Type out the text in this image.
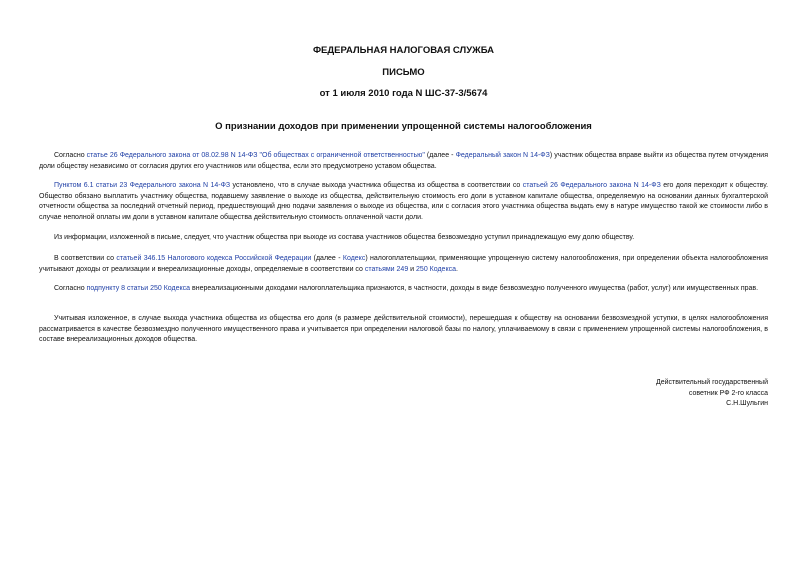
ФЕДЕРАЛЬНАЯ НАЛОГОВАЯ СЛУЖБА
ПИСЬМО
от 1 июля 2010 года N ШС-37-3/5674
О признании доходов при применении упрощенной системы налогообложения

Согласно статье 26 Федерального закона от 08.02.98 N 14-ФЗ "Об обществах с ограниченной ответственностью" (далее - Федеральный закон N 14-ФЗ) участник общества вправе выйти из общества путем отчуждения доли обществу независимо от согласия других его участников или общества, если это предусмотрено уставом общества.

Пунктом 6.1 статьи 23 Федерального закона N 14-ФЗ установлено, что в случае выхода участника общества из общества в соответствии со статьей 26 Федерального закона N 14-ФЗ его доля переходит к обществу. Общество обязано выплатить участнику общества, подавшему заявление о выходе из общества, действительную стоимость его доли в уставном капитале общества, определяемую на основании данных бухгалтерской отчетности общества за последний отчетный период, предшествующий дню подачи заявления о выходе из общества, или с согласия этого участника общества выдать ему в натуре имущество такой же стоимости либо в случае неполной оплаты им доли в уставном капитале общества действительную стоимость оплаченной части доли.

Из информации, изложенной в письме, следует, что участник общества при выходе из состава участников общества безвозмездно уступил принадлежащую ему долю обществу.

В соответствии со статьей 346.15 Налогового кодекса Российской Федерации (далее - Кодекс) налогоплательщики, применяющие упрощенную систему налогообложения, при определении объекта налогообложения учитывают доходы от реализации и внереализационные доходы, определяемые в соответствии со статьями 249 и 250 Кодекса.

Согласно подпункту 8 статьи 250 Кодекса внереализационными доходами налогоплательщика признаются, в частности, доходы в виде безвозмездно полученного имущества (работ, услуг) или имущественных прав.

Учитывая изложенное, в случае выхода участника общества из общества его доля (в размере действительной стоимости), перешедшая к обществу на основании безвозмездной уступки, в целях налогообложения рассматривается в качестве безвозмездно полученного имущественного права и учитывается при определении налоговой базы по налогу, уплачиваемому в связи с применением упрощенной системы налогообложения, в составе внереализационных доходов общества.

Действительный государственный
советник РФ 2-го класса
С.Н.Шульгин
